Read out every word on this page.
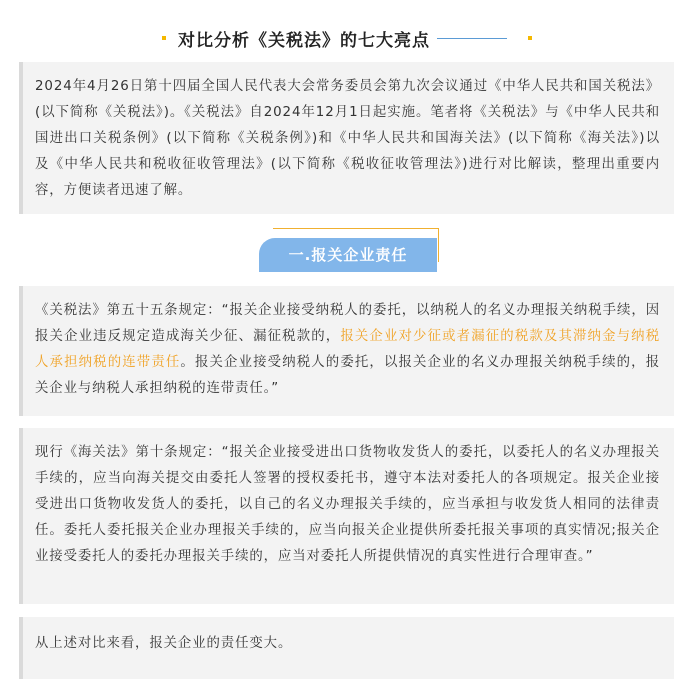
对比分析《关税法》的七大亮点

2024年4月26日第十四届全国人民代表大会常务委员会第九次会议通过《中华人民共和国关税法》(以下简称《关税法》)。《关税法》自2024年12月1日起实施。笔者将《关税法》与《中华人民共和国进出口关税条例》(以下简称《关税条例》)和《中华人民共和国海关法》(以下简称《海关法》)以及《中华人民共和税收征收管理法》(以下简称《税收征收管理法》)进行对比解读，整理出重要内容，方便读者迅速了解。

一.报关企业责任

《关税法》第五十五条规定：“报关企业接受纳税人的委托，以纳税人的名义办理报关纳税手续，因报关企业违反规定造成海关少征、漏征税款的，报关企业对少征或者漏征的税款及其滞纳金与纳税人承担纳税的连带责任。报关企业接受纳税人的委托，以报关企业的名义办理报关纳税手续的，报关企业与纳税人承担纳税的连带责任。”

现行《海关法》第十条规定：“报关企业接受进出口货物收发货人的委托，以委托人的名义办理报关手续的，应当向海关提交由委托人签署的授权委托书，遵守本法对委托人的各项规定。报关企业接受进出口货物收发货人的委托，以自己的名义办理报关手续的，应当承担与收发货人相同的法律责任。委托人委托报关企业办理报关手续的，应当向报关企业提供所委托报关事项的真实情况;报关企业接受委托人的委托办理报关手续的，应当对委托人所提供情况的真实性进行合理审查。”

从上述对比来看，报关企业的责任变大。
